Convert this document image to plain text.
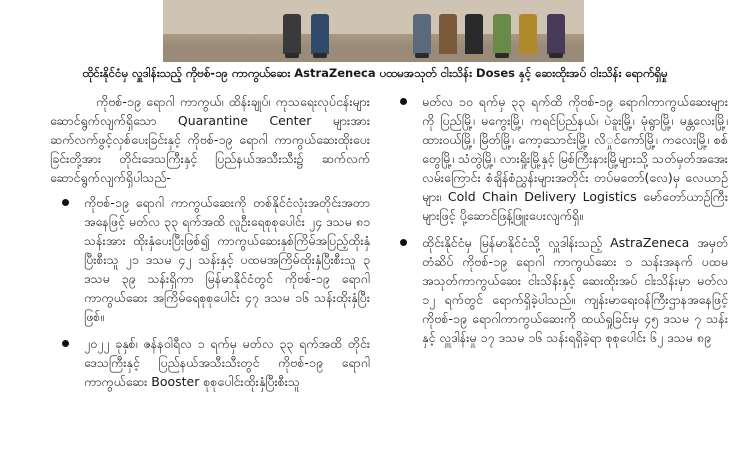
ထိုင်းနိုင်ငံမှ လှူဒါန်းသည့် ကိုဗစ်-၁၉ ကာကွယ်ဆေး AstraZeneca ပထမအသုတ် ငါးသိန်း Doses နှင့် ဆေးထိုးအပ် ငါးသိန်း ရောက်ရှိမှု

ကိုဗစ်-၁၉ ရောဂါ ကာကွယ်၊ ထိန်းချုပ်၊ ကုသရေးလုပ်ငန်းများဆောင်ရွက်လျက်ရှိသော Quarantine Center များအား ဆက်လက်ဖွင့်လှစ်ပေးခြင်းနှင့် ကိုဗစ်-၁၉ ရောဂါ ကာကွယ်ဆေးထိုးပေးခြင်းတို့အား တိုင်းဒေသကြီးနှင့် ပြည်နယ်အသီးသီး၌ ဆက်လက်ဆောင်ရွက်လျက်ရှိပါသည်-

ကိုဗစ်-၁၉ ရောဂါ ကာကွယ်ဆေးကို တစ်နိုင်ငံလုံးအတိုင်းအတာအနေဖြင့် မတ်လ ၃၃ ရက်အထိ လူဦးရေစုစုပေါင်း ၂၄ ဒသမ ၈၁ သန်းအား ထိုးနှံပေးပြီးဖြစ်၍ ကာကွယ်ဆေးနှစ်ကြိမ်အပြည့်ထိုးနှံပြီးစီးသူ ၂၁ ဒသမ ၄၂ သန်းနှင့် ပထမအကြိမ်ထိုးနှံပြီးစီးသူ ၃ ဒသမ ၃၉ သန်းရှိကာ မြန်မာနိုင်ငံတွင် ကိုဗစ်-၁၉ ရောဂါကာကွယ်ဆေး အကြိမ်ရေစုစုပေါင်း ၄၇ ဒသမ ၁၆ သန်းထိုးနှံပြီးဖြစ်။
၂၀၂၂ ခုနှစ်၊ ဇန်နဝါရီလ ၁ ရက်မှ မတ်လ ၃၃ ရက်အထိ တိုင်းဒေသကြီးနှင့် ပြည်နယ်အသီးသီးတွင် ကိုဗစ်-၁၉ ရောဂါကာကွယ်ဆေး Booster စုစုပေါင်းထိုးနှံပြီးစီးသူ
မတ်လ ၁၀ ရက်မှ ၃၃ ရက်ထိ ကိုဗစ်-၁၉ ရောဂါကာကွယ်ဆေးများကို ပြည်မြို့၊ မကွေးမြို့၊ ကရင်ပြည်နယ်၊ ပဲခူးမြို့၊ မုံရွာမြို့၊ မန္တလေးမြို့၊ ထားဝယ်မြို့၊ မြိတ်မြို့၊ ကော့သောင်းမြို့၊ လိှုင်ကော်မြို့၊ ကလေးမြို့၊ စစ်တွေမြို့၊ သံတွဲမြို့၊ လားရှိုးမြို့နှင့် မြစ်ကြီးနားမြို့များသို့ သတ်မှတ်အအေးလမ်းကြောင်း စံချိန်စံညွှန်းများအတိုင်း တပ်မတော်(လေ)မှ လေယာဉ်များ၊ Cold Chain Delivery Logistics မော်တော်ယာဉ်ကြီးများဖြင့် ပို့ဆောင်ဖြန့်ဖြူးပေးလျက်ရှိ။
ထိုင်းနိုင်ငံမှ မြန်မာနိုင်ငံသို့ လှူဒါန်းသည့် AstraZeneca အမှတ်တံဆိပ် ကိုဗစ်-၁၉ ရောဂါ ကာကွယ်ဆေး ၁ သန်းအနက် ပထမအသုတ်ကာကွယ်ဆေး ငါးသိန်းနှင့် ဆေးထိုးအပ် ငါးသိန်းမှာ မတ်လ ၁၂ ရက်တွင် ရောက်ရှိခဲ့ပါသည်။ ကျန်းမာရေးဝန်ကြီးဌာနအနေဖြင့် ကိုဗစ်-၁၉ ရောဂါကာကွယ်ဆေးကို ထယ်ရှုခြင်းမှ ၄၅ ဒသမ ၇ သန်းနှင့် လှူဒါန်းမှု ၁၇ ဒသမ ၁၆ သန်းရရှိခဲ့ရာ စုစုပေါင်း ၆၂ ဒသမ ၈၉
